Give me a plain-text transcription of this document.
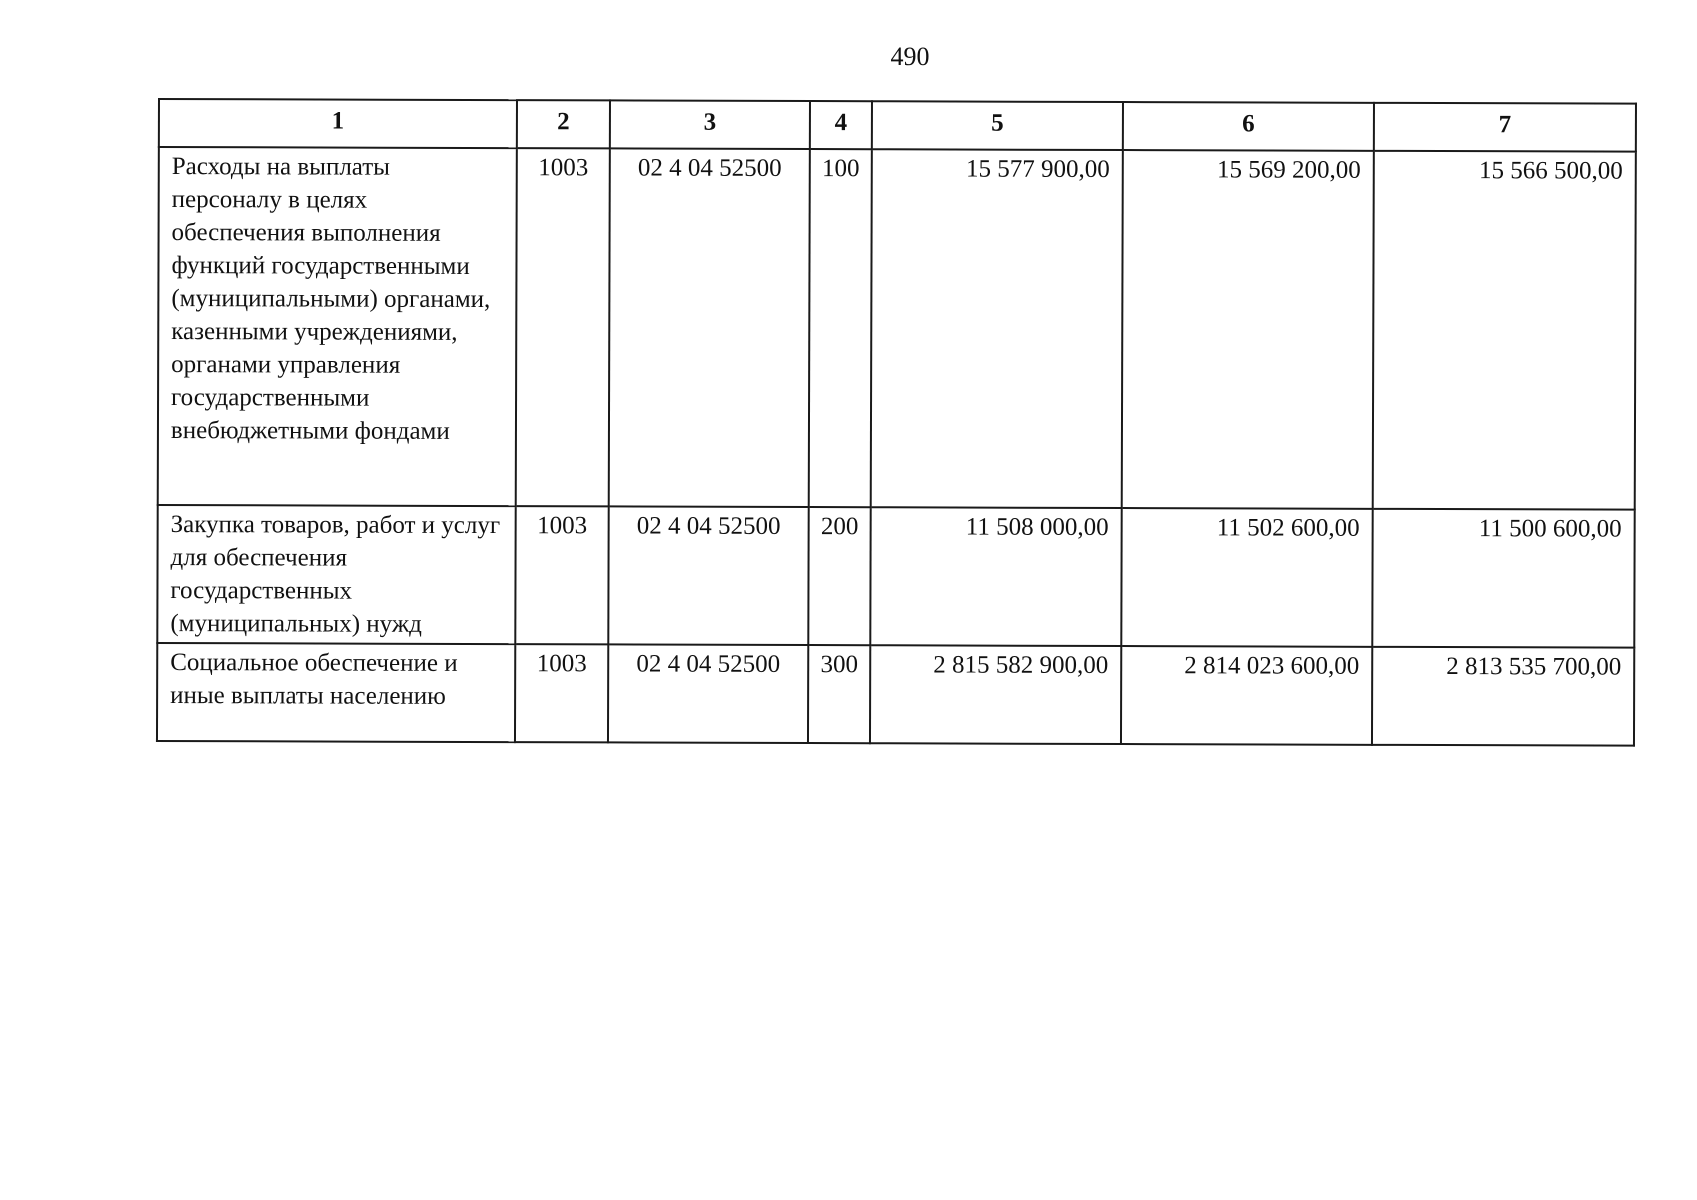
490
1	2	3	4	5	6	7
Расходы на выплаты персоналу в целях обеспечения выполнения функций государственными (муниципальными) органами, казенными учреждениями, органами управления государственными внебюджетными фондами	1003	02 4 04 52500	100	15 577 900,00	15 569 200,00	15 566 500,00
Закупка товаров, работ и услуг для обеспечения государственных (муниципальных) нужд	1003	02 4 04 52500	200	11 508 000,00	11 502 600,00	11 500 600,00
Социальное обеспечение и иные выплаты населению	1003	02 4 04 52500	300	2 815 582 900,00	2 814 023 600,00	2 813 535 700,00
